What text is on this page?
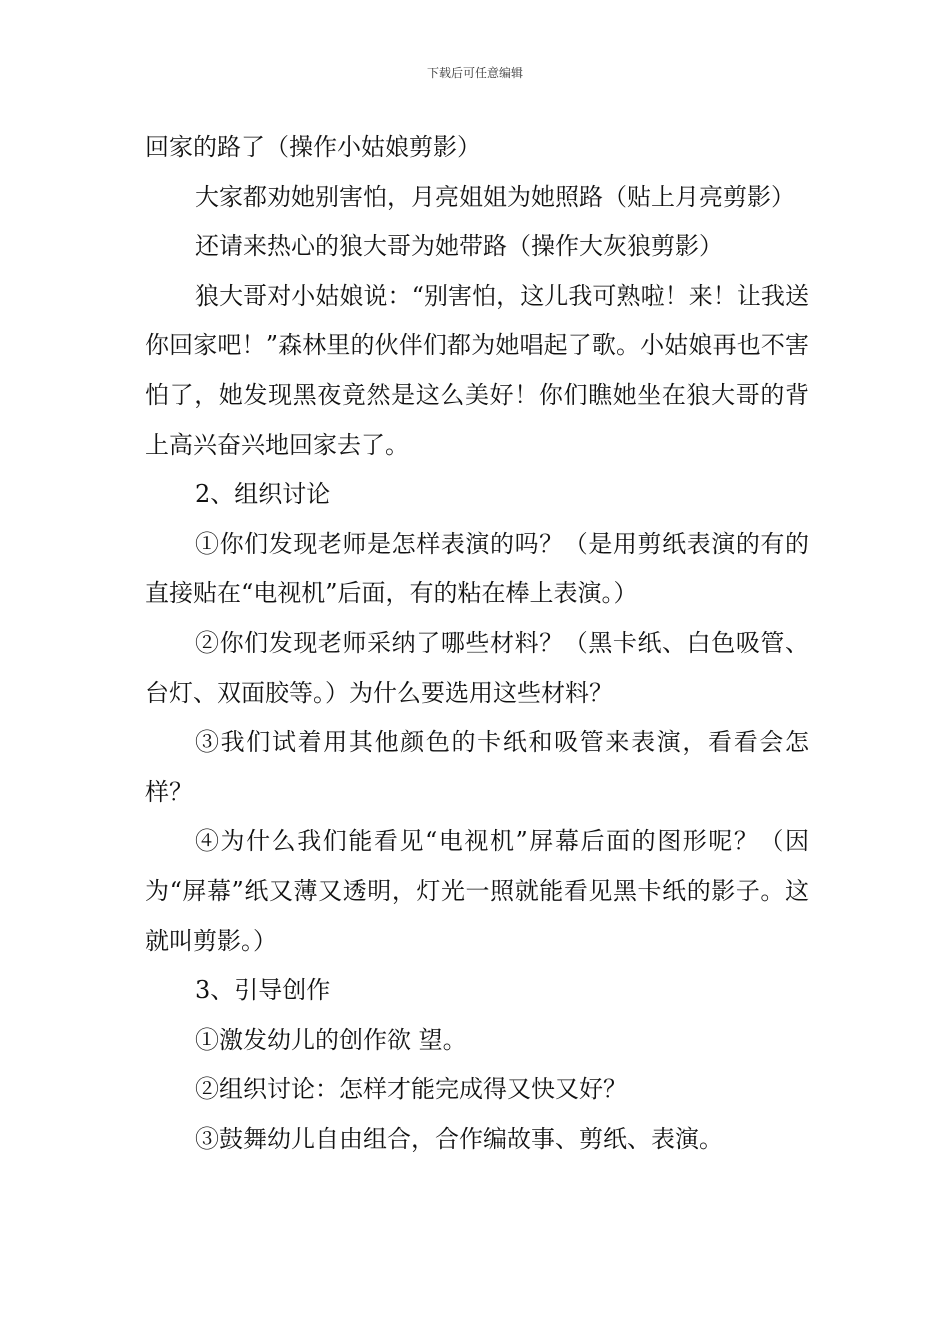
下载后可任意编辑

回家的路了（操作小姑娘剪影）

大家都劝她别害怕，月亮姐姐为她照路（贴上月亮剪影）

还请来热心的狼大哥为她带路（操作大灰狼剪影）

狼大哥对小姑娘说：“别害怕，这儿我可熟啦！来！让我送你回家吧！”森林里的伙伴们都为她唱起了歌。小姑娘再也不害怕了，她发现黑夜竟然是这么美好！你们瞧她坐在狼大哥的背上高兴奋兴地回家去了。

2、组织讨论

①你们发现老师是怎样表演的吗？（是用剪纸表演的有的直接贴在“电视机”后面，有的粘在棒上表演。）

②你们发现老师采纳了哪些材料？（黑卡纸、白色吸管、台灯、双面胶等。）为什么要选用这些材料？

③我们试着用其他颜色的卡纸和吸管来表演，看看会怎样？

④为什么我们能看见“电视机”屏幕后面的图形呢？（因为“屏幕”纸又薄又透明，灯光一照就能看见黑卡纸的影子。这就叫剪影。）

3、引导创作

①激发幼儿的创作欲 望。

②组织讨论：怎样才能完成得又快又好？

③鼓舞幼儿自由组合，合作编故事、剪纸、表演。
